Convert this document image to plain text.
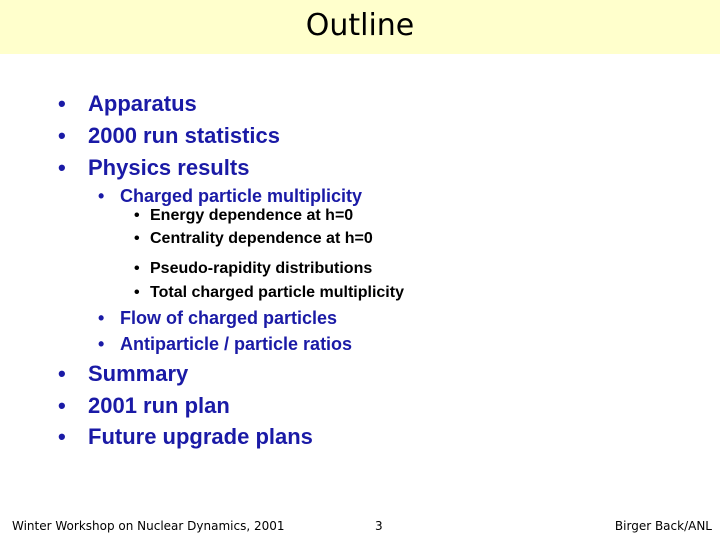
Outline
• Apparatus
• 2000 run statistics
• Physics results
• Charged particle multiplicity
• Energy dependence at h=0
• Centrality dependence at h=0
• Pseudo-rapidity distributions
• Total charged particle multiplicity
• Flow of charged particles
• Antiparticle / particle ratios
• Summary
• 2001 run plan
• Future upgrade plans
Winter Workshop on Nuclear Dynamics, 2001	3	Birger Back/ANL
